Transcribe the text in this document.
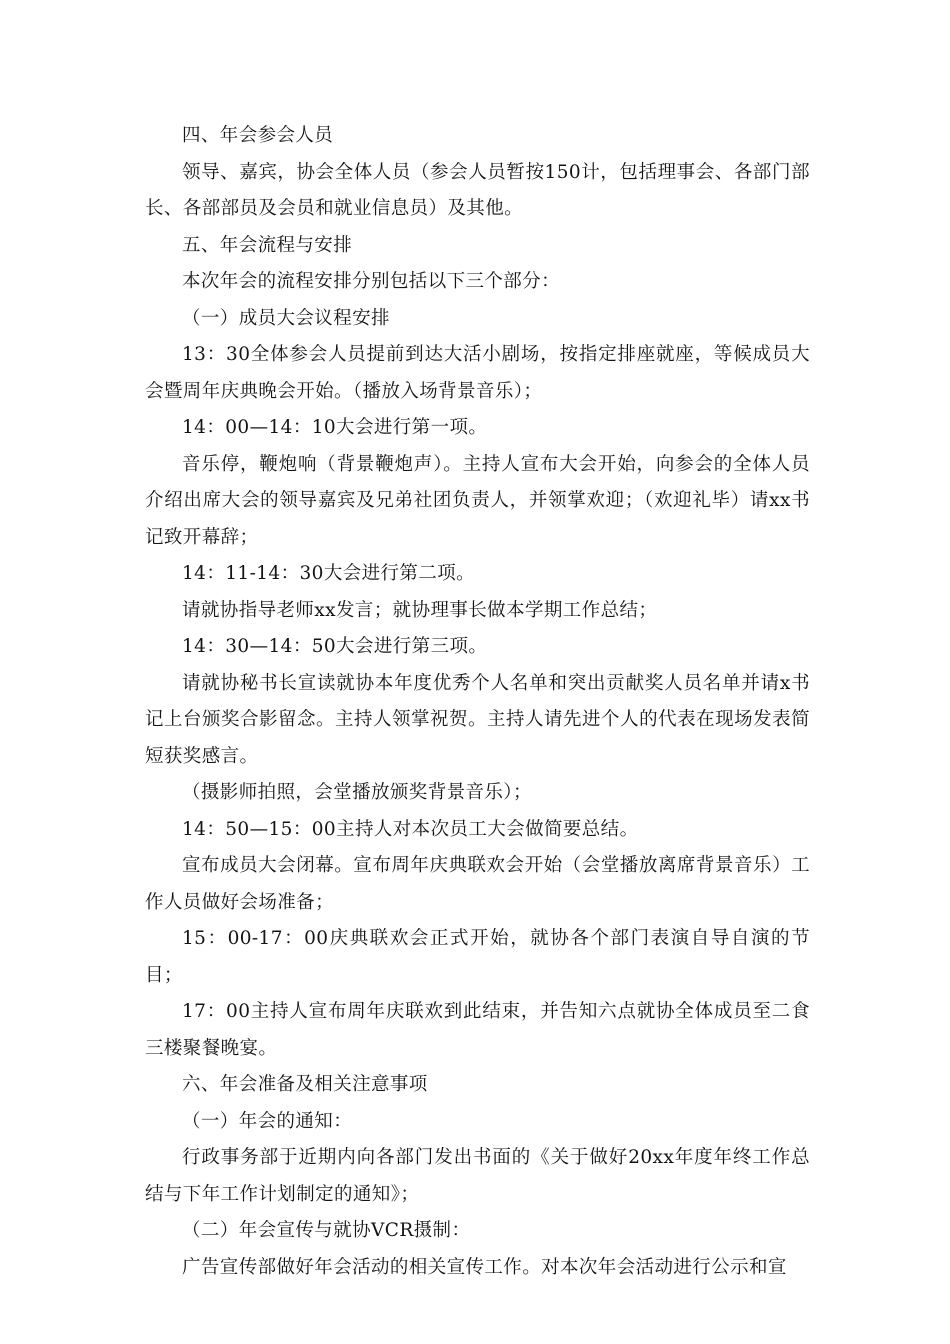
四、年会参会人员

领导、嘉宾，协会全体人员（参会人员暂按150计，包括理事会、各部门部长、各部部员及会员和就业信息员）及其他。

五、年会流程与安排

本次年会的流程安排分别包括以下三个部分：

（一）成员大会议程安排

13：30全体参会人员提前到达大活小剧场，按指定排座就座，等候成员大会暨周年庆典晚会开始。（播放入场背景音乐）；

14：00—14：10大会进行第一项。

音乐停，鞭炮响（背景鞭炮声）。主持人宣布大会开始，向参会的全体人员介绍出席大会的领导嘉宾及兄弟社团负责人，并领掌欢迎；（欢迎礼毕）请xx书记致开幕辞；

14：11-14：30大会进行第二项。

请就协指导老师xx发言；就协理事长做本学期工作总结；

14：30—14：50大会进行第三项。

请就协秘书长宣读就协本年度优秀个人名单和突出贡献奖人员名单并请x书记上台颁奖合影留念。主持人领掌祝贺。主持人请先进个人的代表在现场发表简短获奖感言。

（摄影师拍照，会堂播放颁奖背景音乐）；

14：50—15：00主持人对本次员工大会做简要总结。

宣布成员大会闭幕。宣布周年庆典联欢会开始（会堂播放离席背景音乐）工作人员做好会场准备；

15：00-17：00庆典联欢会正式开始，就协各个部门表演自导自演的节目；

17：00主持人宣布周年庆联欢到此结束，并告知六点就协全体成员至二食三楼聚餐晚宴。

六、年会准备及相关注意事项

（一）年会的通知：

行政事务部于近期内向各部门发出书面的《关于做好20xx年度年终工作总结与下年工作计划制定的通知》；

（二）年会宣传与就协VCR摄制：

广告宣传部做好年会活动的相关宣传工作。对本次年会活动进行公示和宣
